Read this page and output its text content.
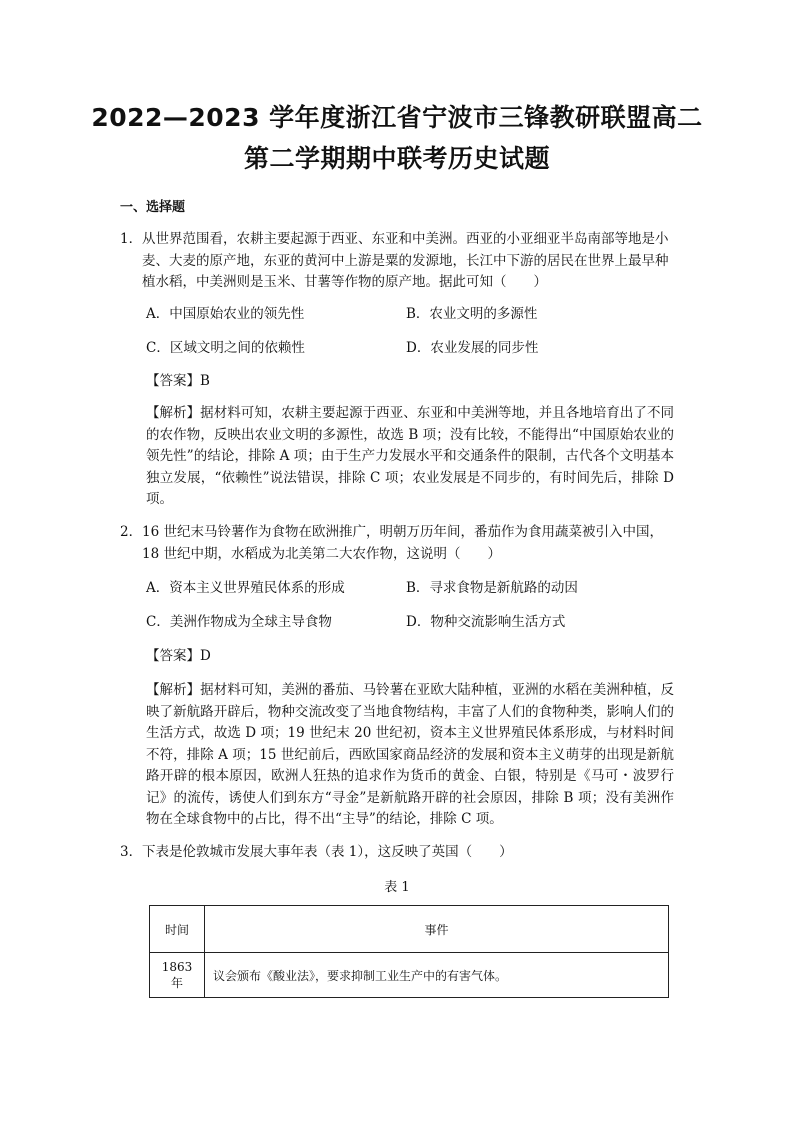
2022—2023 学年度浙江省宁波市三锋教研联盟高二
第二学期期中联考历史试题
一、选择题
1． 从世界范围看，农耕主要起源于西亚、东亚和中美洲。西亚的小亚细亚半岛南部等地是小麦、大麦的原产地，东亚的黄河中上游是粟的发源地，长江中下游的居民在世界上最早种植水稻，中美洲则是玉米、甘薯等作物的原产地。据此可知（　　）
A．中国原始农业的领先性	B．农业文明的多源性
C．区域文明之间的依赖性	D．农业发展的同步性
【答案】B
【解析】据材料可知，农耕主要起源于西亚、东亚和中美洲等地，并且各地培育出了不同的农作物，反映出农业文明的多源性，故选 B 项；没有比较，不能得出“中国原始农业的领先性”的结论，排除 A 项；由于生产力发展水平和交通条件的限制，古代各个文明基本独立发展，“依赖性”说法错误，排除 C 项；农业发展是不同步的，有时间先后，排除 D 项。
2． 16 世纪末马铃薯作为食物在欧洲推广，明朝万历年间，番茄作为食用蔬菜被引入中国，18 世纪中期，水稻成为北美第二大农作物，这说明（　　）
A．资本主义世界殖民体系的形成	B．寻求食物是新航路的动因
C．美洲作物成为全球主导食物	D．物种交流影响生活方式
【答案】D
【解析】据材料可知，美洲的番茄、马铃薯在亚欧大陆种植，亚洲的水稻在美洲种植，反映了新航路开辟后，物种交流改变了当地食物结构，丰富了人们的食物种类，影响人们的生活方式，故选 D 项；19 世纪末 20 世纪初，资本主义世界殖民体系形成，与材料时间不符，排除 A 项；15 世纪前后，西欧国家商品经济的发展和资本主义萌芽的出现是新航路开辟的根本原因，欧洲人狂热的追求作为货币的黄金、白银，特别是《马可・波罗行记》的流传，诱使人们到东方“寻金”是新航路开辟的社会原因，排除 B 项；没有美洲作物在全球食物中的占比，得不出“主导”的结论，排除 C 项。
3． 下表是伦敦城市发展大事年表（表 1），这反映了英国（　　）
表 1
时间	事件
1863 年	议会颁布《酸业法》，要求抑制工业生产中的有害气体。
